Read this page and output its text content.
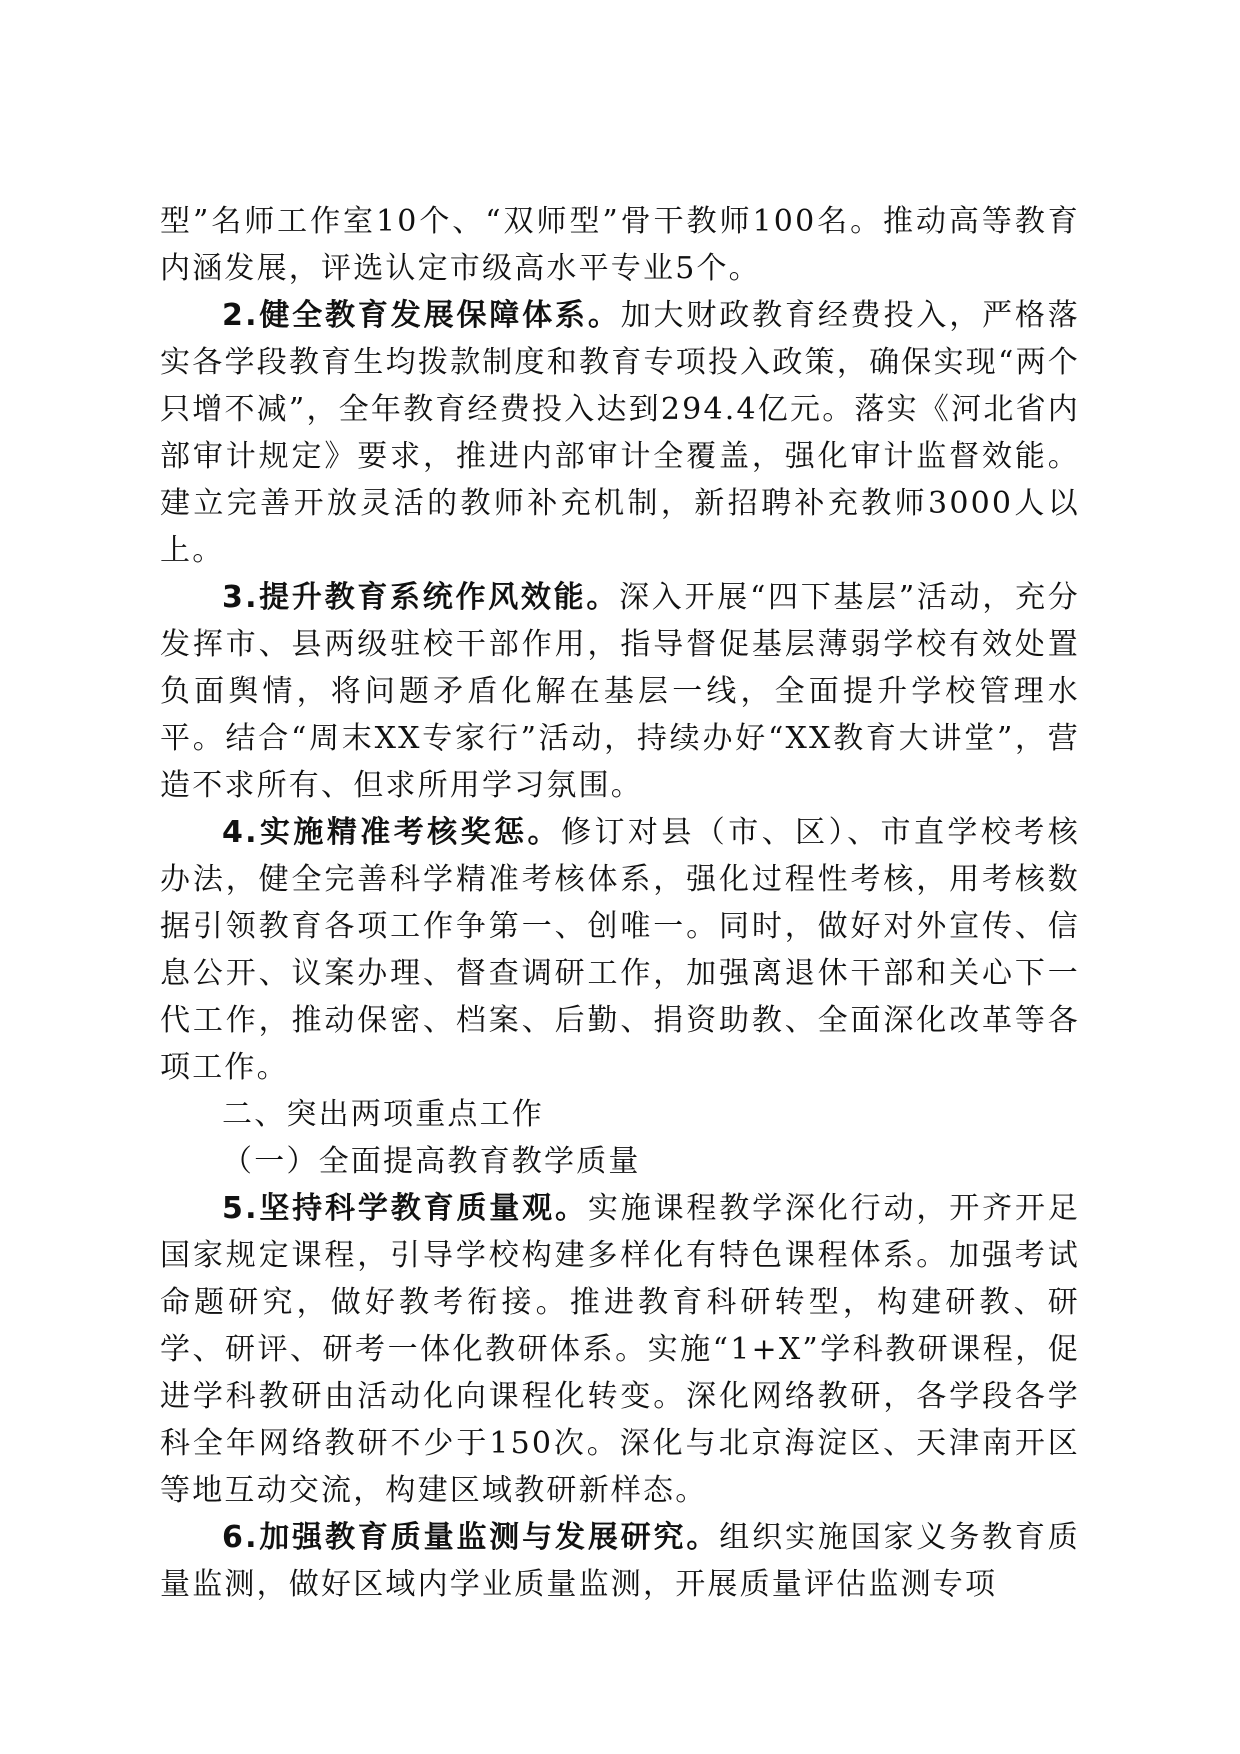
型”名师工作室10个、“双师型”骨干教师100名。推动高等教育内涵发展，评选认定市级高水平专业5个。

2.健全教育发展保障体系。加大财政教育经费投入，严格落实各学段教育生均拨款制度和教育专项投入政策，确保实现“两个只增不减”，全年教育经费投入达到294.4亿元。落实《河北省内部审计规定》要求，推进内部审计全覆盖，强化审计监督效能。建立完善开放灵活的教师补充机制，新招聘补充教师3000人以上。

3.提升教育系统作风效能。深入开展“四下基层”活动，充分发挥市、县两级驻校干部作用，指导督促基层薄弱学校有效处置负面舆情，将问题矛盾化解在基层一线，全面提升学校管理水平。结合“周末XX专家行”活动，持续办好“XX教育大讲堂”，营造不求所有、但求所用学习氛围。

4.实施精准考核奖惩。修订对县（市、区）、市直学校考核办法，健全完善科学精准考核体系，强化过程性考核，用考核数据引领教育各项工作争第一、创唯一。同时，做好对外宣传、信息公开、议案办理、督查调研工作，加强离退休干部和关心下一代工作，推动保密、档案、后勤、捐资助教、全面深化改革等各项工作。

二、突出两项重点工作

（一）全面提高教育教学质量

5.坚持科学教育质量观。实施课程教学深化行动，开齐开足国家规定课程，引导学校构建多样化有特色课程体系。加强考试命题研究，做好教考衔接。推进教育科研转型，构建研教、研学、研评、研考一体化教研体系。实施“1+X”学科教研课程，促进学科教研由活动化向课程化转变。深化网络教研，各学段各学科全年网络教研不少于150次。深化与北京海淀区、天津南开区等地互动交流，构建区域教研新样态。

6.加强教育质量监测与发展研究。组织实施国家义务教育质量监测，做好区域内学业质量监测，开展质量评估监测专项
